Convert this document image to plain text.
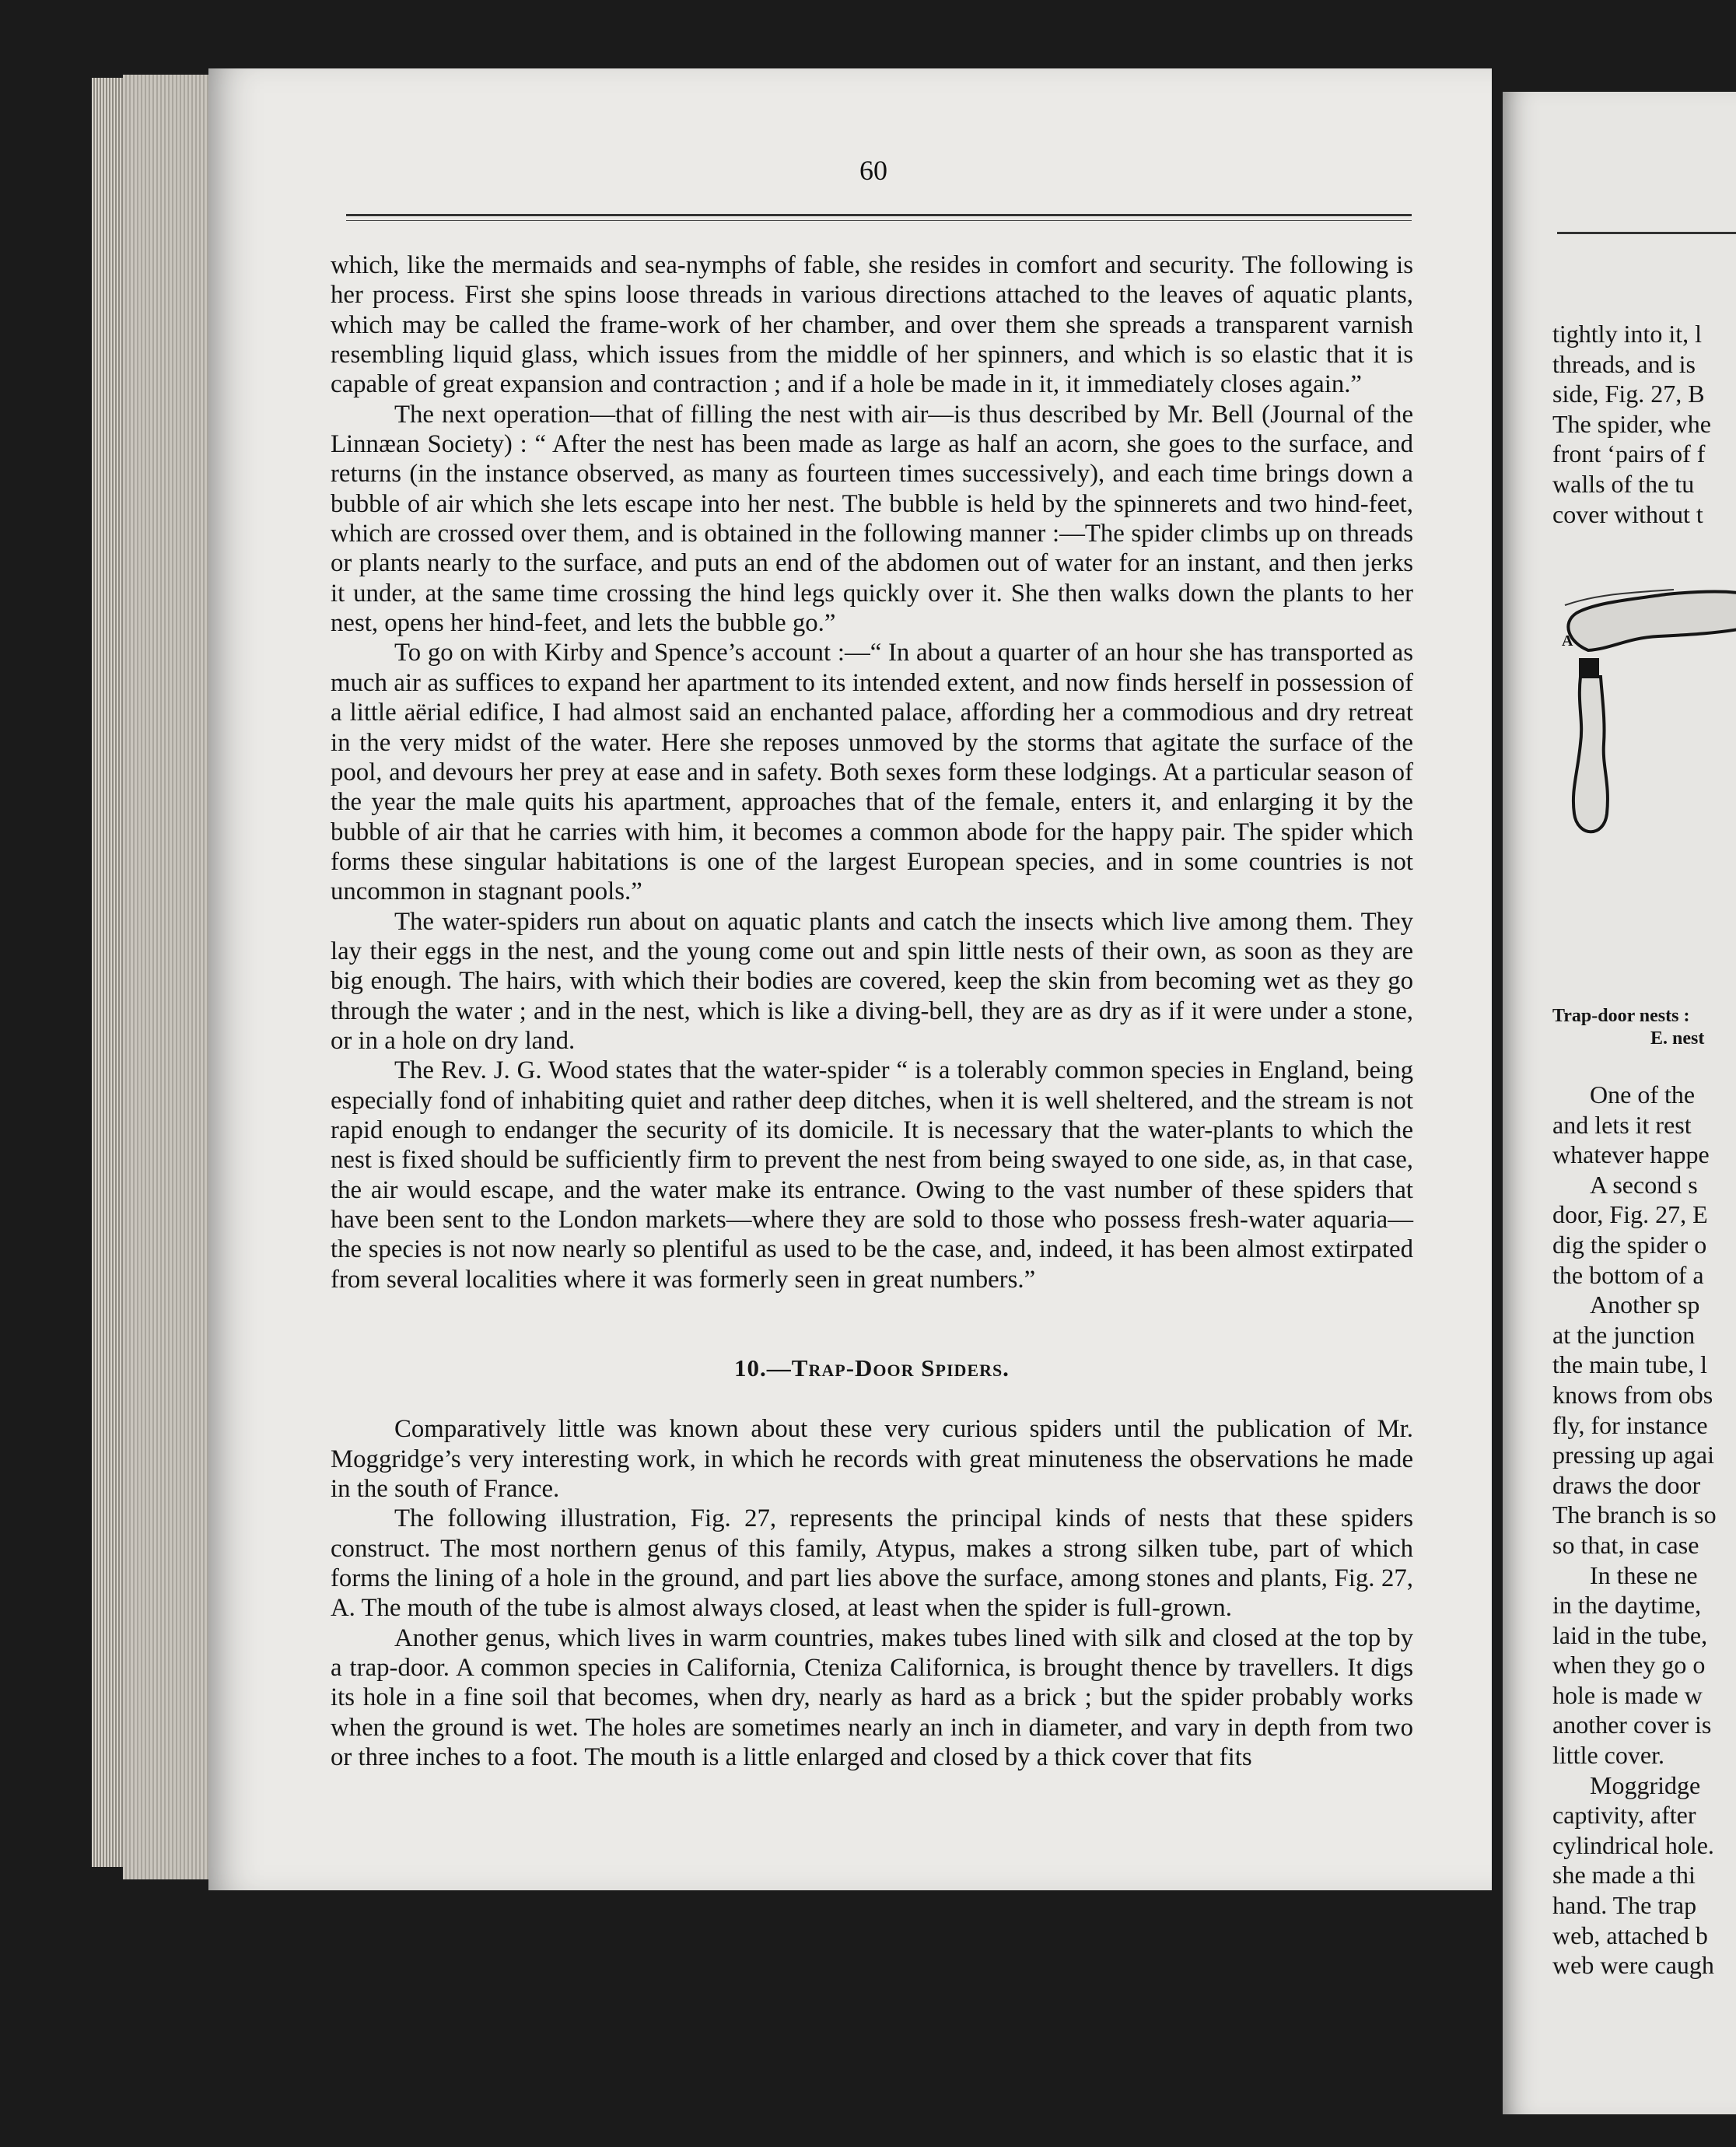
60

which, like the mermaids and sea-nymphs of fable, she resides in comfort and security. The following is her process. First she spins loose threads in various directions attached to the leaves of aquatic plants, which may be called the frame-work of her chamber, and over them she spreads a transparent varnish resembling liquid glass, which issues from the middle of her spinners, and which is so elastic that it is capable of great expansion and contraction ; and if a hole be made in it, it immediately closes again.”

The next operation—that of filling the nest with air—is thus described by Mr. Bell (Journal of the Linnæan Society) : “ After the nest has been made as large as half an acorn, she goes to the surface, and returns (in the instance observed, as many as fourteen times successively), and each time brings down a bubble of air which she lets escape into her nest. The bubble is held by the spinnerets and two hind-feet, which are crossed over them, and is obtained in the following manner :—The spider climbs up on threads or plants nearly to the surface, and puts an end of the abdomen out of water for an instant, and then jerks it under, at the same time crossing the hind legs quickly over it. She then walks down the plants to her nest, opens her hind-feet, and lets the bubble go.”

To go on with Kirby and Spence’s account :—“ In about a quarter of an hour she has transported as much air as suffices to expand her apartment to its intended extent, and now finds herself in possession of a little aërial edifice, I had almost said an enchanted palace, affording her a commodious and dry retreat in the very midst of the water. Here she reposes unmoved by the storms that agitate the surface of the pool, and devours her prey at ease and in safety. Both sexes form these lodgings. At a particular season of the year the male quits his apartment, approaches that of the female, enters it, and enlarging it by the bubble of air that he carries with him, it becomes a common abode for the happy pair. The spider which forms these singular habitations is one of the largest European species, and in some countries is not uncommon in stagnant pools.”

The water-spiders run about on aquatic plants and catch the insects which live among them. They lay their eggs in the nest, and the young come out and spin little nests of their own, as soon as they are big enough. The hairs, with which their bodies are covered, keep the skin from becoming wet as they go through the water ; and in the nest, which is like a diving-bell, they are as dry as if it were under a stone, or in a hole on dry land.

The Rev. J. G. Wood states that the water-spider “ is a tolerably common species in England, being especially fond of inhabiting quiet and rather deep ditches, when it is well sheltered, and the stream is not rapid enough to endanger the security of its domicile. It is necessary that the water-plants to which the nest is fixed should be sufficiently firm to prevent the nest from being swayed to one side, as, in that case, the air would escape, and the water make its entrance. Owing to the vast number of these spiders that have been sent to the London markets—where they are sold to those who possess fresh-water aquaria—the species is not now nearly so plentiful as used to be the case, and, indeed, it has been almost extirpated from several localities where it was formerly seen in great numbers.”

10.—Trap-Door Spiders.

Comparatively little was known about these very curious spiders until the publication of Mr. Moggridge’s very interesting work, in which he records with great minuteness the observations he made in the south of France.

The following illustration, Fig. 27, represents the principal kinds of nests that these spiders construct. The most northern genus of this family, Atypus, makes a strong silken tube, part of which forms the lining of a hole in the ground, and part lies above the surface, among stones and plants, Fig. 27, A. The mouth of the tube is almost always closed, at least when the spider is full-grown.

Another genus, which lives in warm countries, makes tubes lined with silk and closed at the top by a trap-door. A common species in California, Cteniza Californica, is brought thence by travellers. It digs its hole in a fine soil that becomes, when dry, nearly as hard as a brick ; but the spider probably works when the ground is wet. The holes are sometimes nearly an inch in diameter, and vary in depth from two or three inches to a foot. The mouth is a little enlarged and closed by a thick cover that fits

tightly into it, l
threads, and is
side, Fig. 27, B
The spider, whe
front ʻpairs of f
walls of the tu
cover without t
A
Trap-door nests :
E. nest
One of the
and lets it rest
whatever happe
A second s
door, Fig. 27, E
dig the spider o
the bottom of a
Another sp
at the junction
the main tube, l
knows from obs
fly, for instance
pressing up agai
draws the door
The branch is so
so that, in case
In these ne
in the daytime,
laid in the tube,
when they go o
hole is made w
another cover is
little cover.
Moggridge
captivity, after
cylindrical hole.
she made a thi
hand. The trap
web, attached b
web were caugh
